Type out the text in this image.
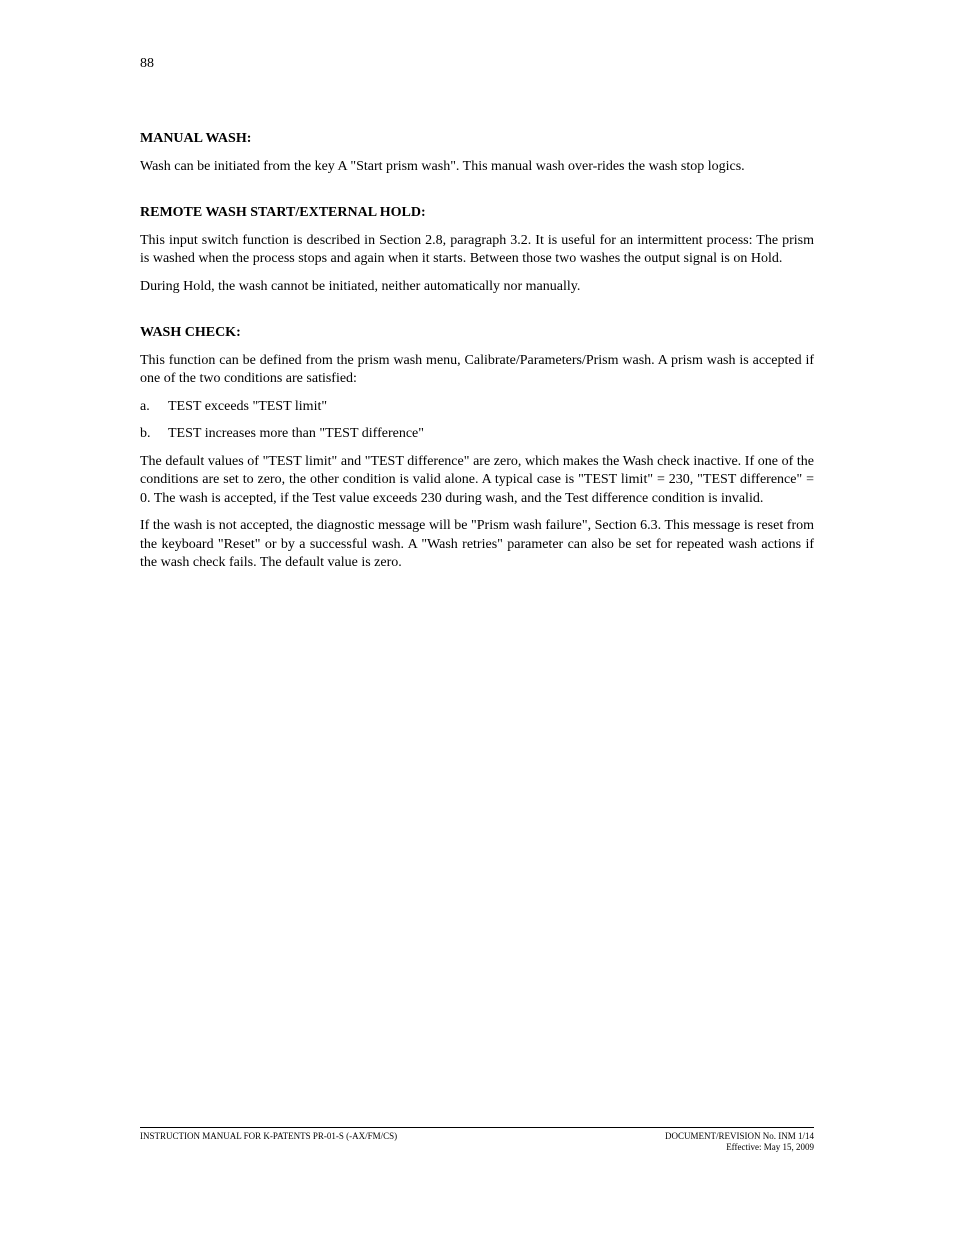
88
MANUAL WASH:
Wash can be initiated from the key A "Start prism wash". This manual wash over-rides the wash stop logics.
REMOTE WASH START/EXTERNAL HOLD:
This input switch function is described in Section 2.8, paragraph 3.2. It is useful for an intermittent process: The prism is washed when the process stops and again when it starts. Between those two washes the output signal is on Hold.
During Hold, the wash cannot be initiated, neither automatically nor manually.
WASH CHECK:
This function can be defined from the prism wash menu, Calibrate/Parameters/Prism wash. A prism wash is accepted if one of the two conditions are satisfied:
a.	TEST exceeds "TEST limit"
b.	TEST increases more than "TEST difference"
The default values of "TEST limit" and "TEST difference" are zero, which makes the Wash check inactive. If one of the conditions are set to zero, the other condition is valid alone. A typical case is "TEST limit" = 230, "TEST difference" = 0. The wash is accepted, if the Test value exceeds 230 during wash, and the Test difference condition is invalid.
If the wash is not accepted, the diagnostic message will be "Prism wash failure", Section 6.3. This message is reset from the keyboard "Reset" or by a successful wash. A "Wash retries" parameter can also be set for repeated wash actions if the wash check fails. The default value is zero.
INSTRUCTION MANUAL FOR K-PATENTS PR-01-S (-AX/FM/CS)	DOCUMENT/REVISION No. INM 1/14
Effective: May 15, 2009
